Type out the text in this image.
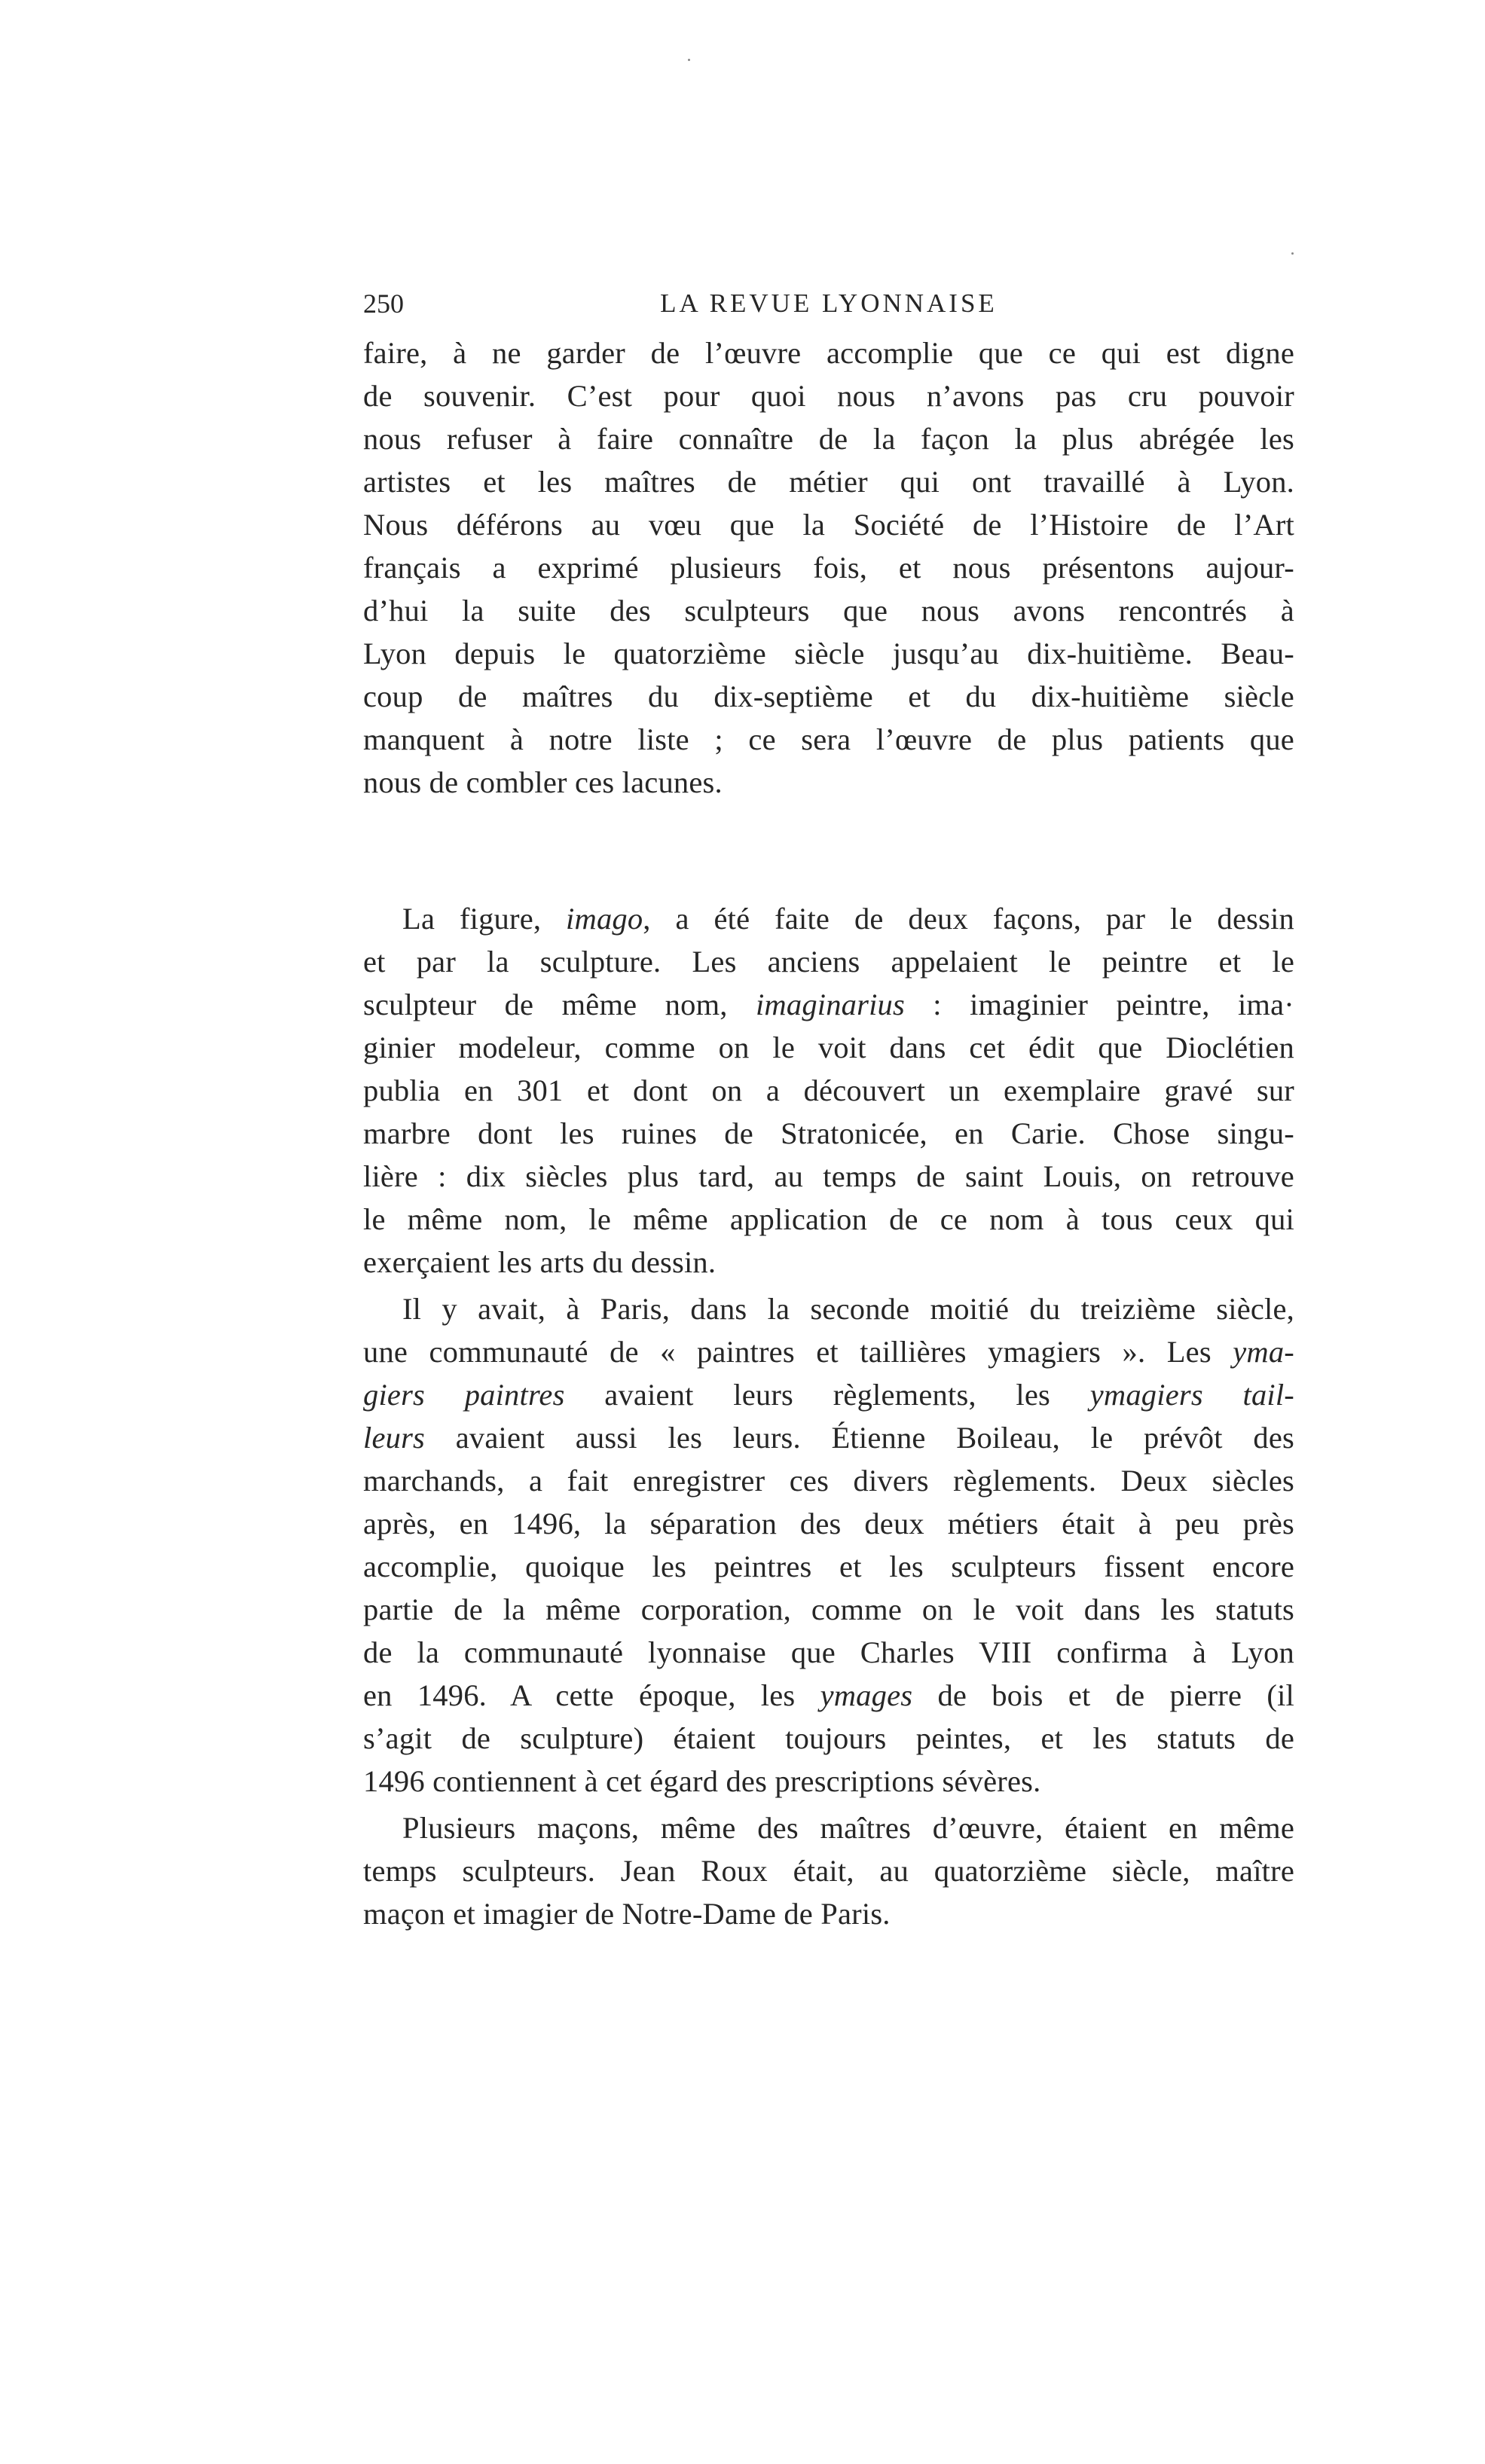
250	LA REVUE LYONNAISE
faire, à ne garder de l’œuvre accomplie que ce qui est digne
de souvenir. C’est pour quoi nous n’avons pas cru pouvoir
nous refuser à faire connaître de la façon la plus abrégée les
artistes et les maîtres de métier qui ont travaillé à Lyon.
Nous déférons au vœu que la Société de l’Histoire de l’Art
français a exprimé plusieurs fois, et nous présentons aujour-
d’hui la suite des sculpteurs que nous avons rencontrés à
Lyon depuis le quatorzième siècle jusqu’au dix-huitième. Beau-
coup de maîtres du dix-septième et du dix-huitième siècle
manquent à notre liste ; ce sera l’œuvre de plus patients que
nous de combler ces lacunes.
La figure, imago, a été faite de deux façons, par le dessin
et par la sculpture. Les anciens appelaient le peintre et le
sculpteur de même nom, imaginarius : imaginier peintre, ima·
ginier modeleur, comme on le voit dans cet édit que Dioclétien
publia en 301 et dont on a découvert un exemplaire gravé sur
marbre dont les ruines de Stratonicée, en Carie. Chose singu-
lière : dix siècles plus tard, au temps de saint Louis, on retrouve
le même nom, le même application de ce nom à tous ceux qui
exerçaient les arts du dessin.
Il y avait, à Paris, dans la seconde moitié du treizième siècle,
une communauté de « paintres et taillières ymagiers ». Les yma-
giers paintres avaient leurs règlements, les ymagiers tail-
leurs avaient aussi les leurs. Étienne Boileau, le prévôt des
marchands, a fait enregistrer ces divers règlements. Deux siècles
après, en 1496, la séparation des deux métiers était à peu près
accomplie, quoique les peintres et les sculpteurs fissent encore
partie de la même corporation, comme on le voit dans les statuts
de la communauté lyonnaise que Charles VIII confirma à Lyon
en 1496. A cette époque, les ymages de bois et de pierre (il
s’agit de sculpture) étaient toujours peintes, et les statuts de
1496 contiennent à cet égard des prescriptions sévères.
Plusieurs maçons, même des maîtres d’œuvre, étaient en même
temps sculpteurs. Jean Roux était, au quatorzième siècle, maître
maçon et imagier de Notre-Dame de Paris.
